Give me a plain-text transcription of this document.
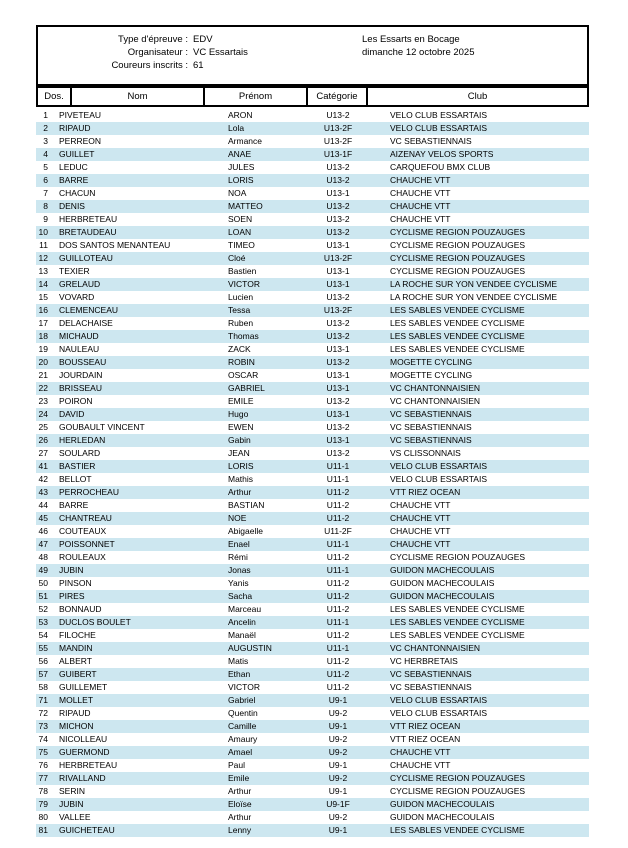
Type d'épreuve : EDV
Organisateur : VC Essartais
Coureurs inscrits : 61
Les Essarts en Bocage
dimanche 12 octobre 2025
Dos.	Nom	Prénom	Catégorie	Club
1 PIVETEAU	ARON	U13-2	VELO CLUB ESSARTAIS
2 RIPAUD	Lola	U13-2F	VELO CLUB ESSARTAIS
3 PERREON	Armance	U13-2F	VC SEBASTIENNAIS
4 GUILLET	ANAE	U13-1F	AIZENAY VELOS SPORTS
5 LEDUC	JULES	U13-2	CARQUEFOU BMX CLUB
6 BARRE	LORIS	U13-2	CHAUCHE VTT
7 CHACUN	NOA	U13-1	CHAUCHE VTT
8 DENIS	MATTEO	U13-2	CHAUCHE VTT
9 HERBRETEAU	SOEN	U13-2	CHAUCHE VTT
10 BRETAUDEAU	LOAN	U13-2	CYCLISME REGION POUZAUGES
11 DOS SANTOS MENANTEAU	TIMEO	U13-1	CYCLISME REGION POUZAUGES
12 GUILLOTEAU	Cloé	U13-2F	CYCLISME REGION POUZAUGES
13 TEXIER	Bastien	U13-1	CYCLISME REGION POUZAUGES
14 GRELAUD	VICTOR	U13-1	LA ROCHE SUR YON VENDEE CYCLISME
15 VOVARD	Lucien	U13-2	LA ROCHE SUR YON VENDEE CYCLISME
16 CLEMENCEAU	Tessa	U13-2F	LES SABLES VENDEE CYCLISME
17 DELACHAISE	Ruben	U13-2	LES SABLES VENDEE CYCLISME
18 MICHAUD	Thomas	U13-2	LES SABLES VENDEE CYCLISME
19 NAULEAU	ZACK	U13-1	LES SABLES VENDEE CYCLISME
20 BOUSSEAU	ROBIN	U13-2	MOGETTE CYCLING
21 JOURDAIN	OSCAR	U13-1	MOGETTE CYCLING
22 BRISSEAU	GABRIEL	U13-1	VC CHANTONNAISIEN
23 POIRON	EMILE	U13-2	VC CHANTONNAISIEN
24 DAVID	Hugo	U13-1	VC SEBASTIENNAIS
25 GOUBAULT VINCENT	EWEN	U13-2	VC SEBASTIENNAIS
26 HERLEDAN	Gabin	U13-1	VC SEBASTIENNAIS
27 SOULARD	JEAN	U13-2	VS CLISSONNAIS
41 BASTIER	LORIS	U11-1	VELO CLUB ESSARTAIS
42 BELLOT	Mathis	U11-1	VELO CLUB ESSARTAIS
43 PERROCHEAU	Arthur	U11-2	VTT RIEZ OCEAN
44 BARRE	BASTIAN	U11-2	CHAUCHE VTT
45 CHANTREAU	NOE	U11-2	CHAUCHE VTT
46 COUTEAUX	Abigaelle	U11-2F	CHAUCHE VTT
47 POISSONNET	Enael	U11-1	CHAUCHE VTT
48 ROULEAUX	Rémi	U11-2	CYCLISME REGION POUZAUGES
49 JUBIN	Jonas	U11-1	GUIDON MACHECOULAIS
50 PINSON	Yanis	U11-2	GUIDON MACHECOULAIS
51 PIRES	Sacha	U11-2	GUIDON MACHECOULAIS
52 BONNAUD	Marceau	U11-2	LES SABLES VENDEE CYCLISME
53 DUCLOS BOULET	Ancelin	U11-1	LES SABLES VENDEE CYCLISME
54 FILOCHE	Manaël	U11-2	LES SABLES VENDEE CYCLISME
55 MANDIN	AUGUSTIN	U11-1	VC CHANTONNAISIEN
56 ALBERT	Matis	U11-2	VC HERBRETAIS
57 GUIBERT	Ethan	U11-2	VC SEBASTIENNAIS
58 GUILLEMET	VICTOR	U11-2	VC SEBASTIENNAIS
71 MOLLET	Gabriel	U9-1	VELO CLUB ESSARTAIS
72 RIPAUD	Quentin	U9-2	VELO CLUB ESSARTAIS
73 MICHON	Camille	U9-1	VTT RIEZ OCEAN
74 NICOLLEAU	Amaury	U9-2	VTT RIEZ OCEAN
75 GUERMOND	Amael	U9-2	CHAUCHE VTT
76 HERBRETEAU	Paul	U9-1	CHAUCHE VTT
77 RIVALLAND	Emile	U9-2	CYCLISME REGION POUZAUGES
78 SERIN	Arthur	U9-1	CYCLISME REGION POUZAUGES
79 JUBIN	Eloïse	U9-1F	GUIDON MACHECOULAIS
80 VALLEE	Arthur	U9-2	GUIDON MACHECOULAIS
81 GUICHETEAU	Lenny	U9-1	LES SABLES VENDEE CYCLISME
